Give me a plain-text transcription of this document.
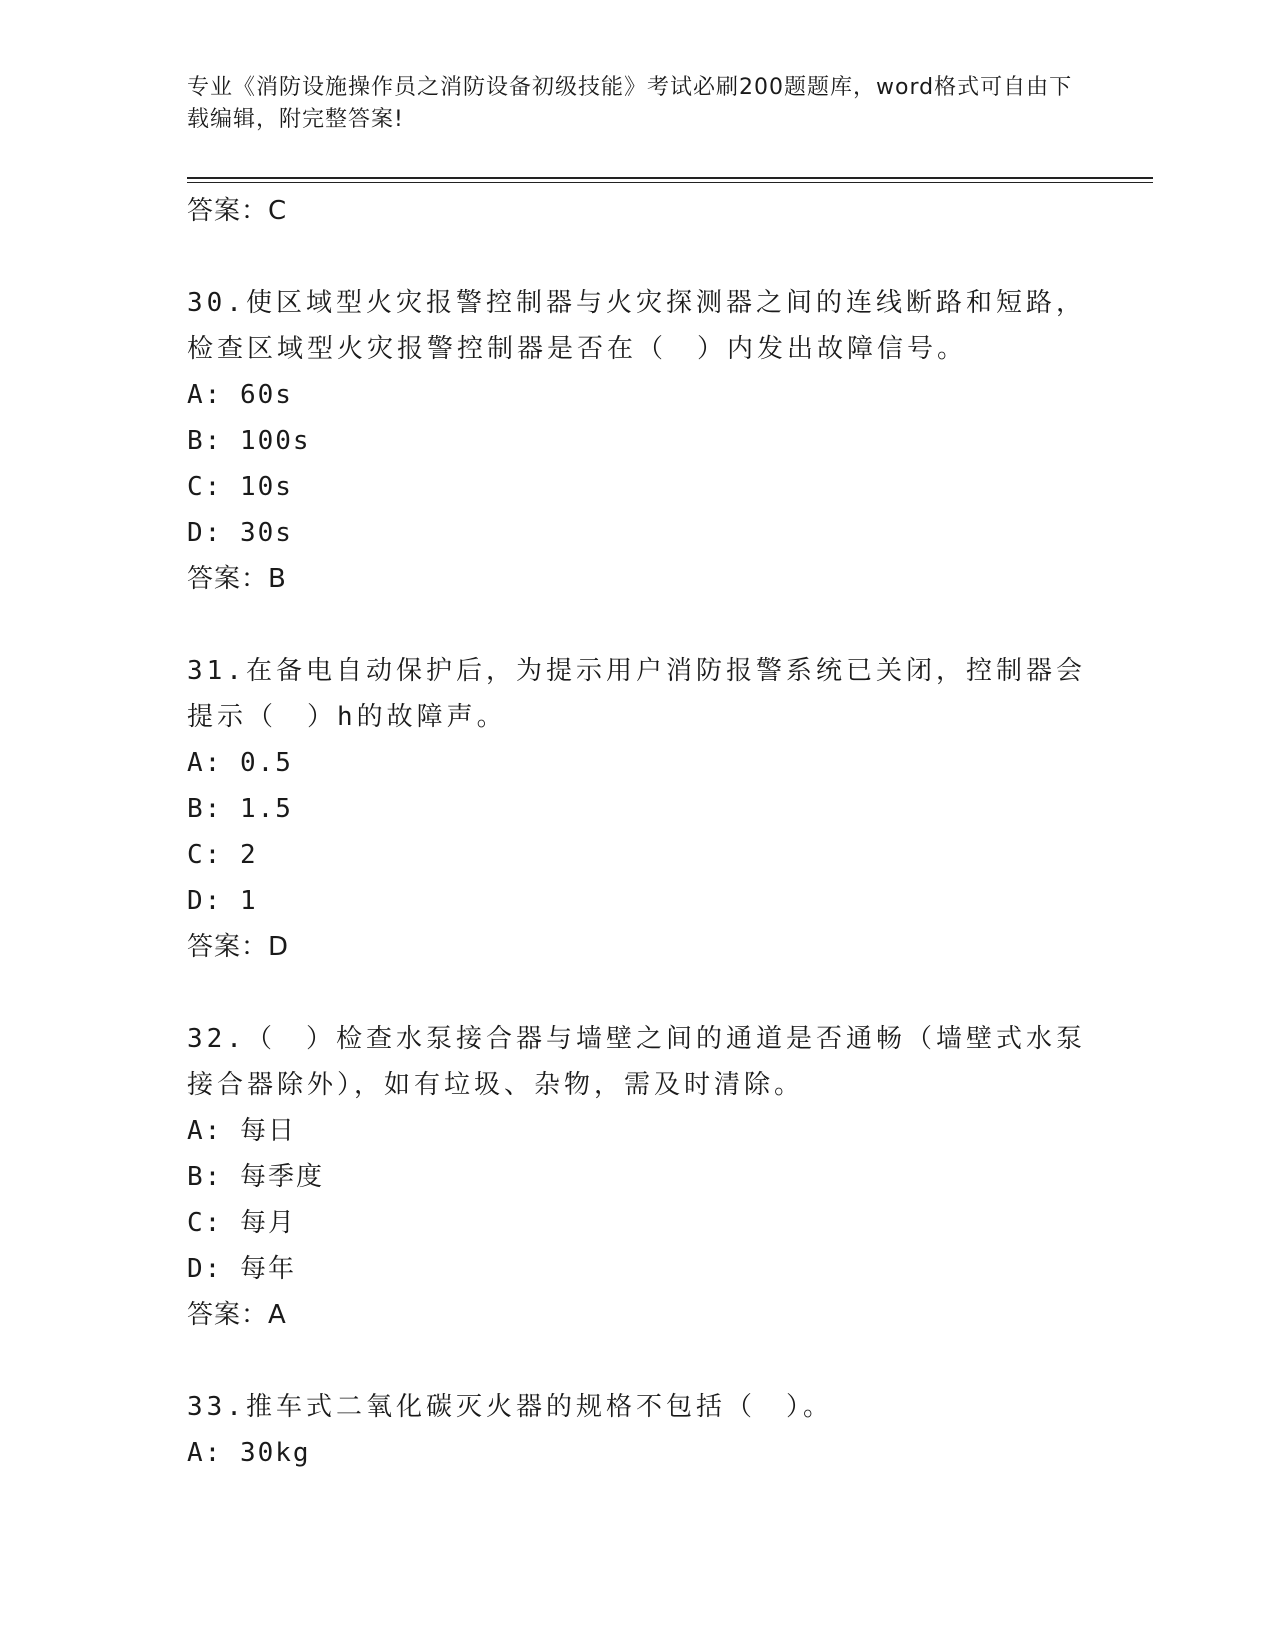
专业《消防设施操作员之消防设备初级技能》考试必刷200题题库，word格式可自由下载编辑，附完整答案!
答案：C
30.使区域型火灾报警控制器与火灾探测器之间的连线断路和短路，检查区域型火灾报警控制器是否在（　）内发出故障信号。
A: 60s
B: 100s
C: 10s
D: 30s
答案：B
31.在备电自动保护后，为提示用户消防报警系统已关闭，控制器会提示（　）h的故障声。
A: 0.5
B: 1.5
C: 2
D: 1
答案：D
32.（　）检查水泵接合器与墙壁之间的通道是否通畅（墙壁式水泵接合器除外），如有垃圾、杂物，需及时清除。
A: 每日
B: 每季度
C: 每月
D: 每年
答案：A
33.推车式二氧化碳灭火器的规格不包括（　）。
A: 30kg
